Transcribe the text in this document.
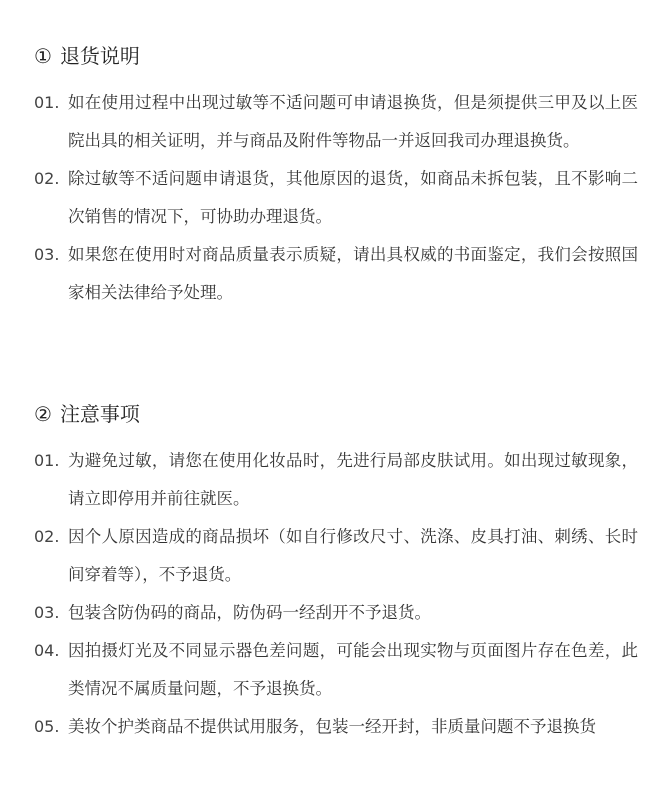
① 退货说明
01. 如在使用过程中出现过敏等不适问题可申请退换货，但是须提供三甲及以上医院出具的相关证明，并与商品及附件等物品一并返回我司办理退换货。
02. 除过敏等不适问题申请退货，其他原因的退货，如商品未拆包装，且不影响二次销售的情况下，可协助办理退货。
03. 如果您在使用时对商品质量表示质疑，请出具权威的书面鉴定，我们会按照国家相关法律给予处理。
② 注意事项
01. 为避免过敏，请您在使用化妆品时，先进行局部皮肤试用。如出现过敏现象，请立即停用并前往就医。
02. 因个人原因造成的商品损坏（如自行修改尺寸、洗涤、皮具打油、刺绣、长时间穿着等），不予退货。
03. 包装含防伪码的商品，防伪码一经刮开不予退货。
04. 因拍摄灯光及不同显示器色差问题，可能会出现实物与页面图片存在色差，此类情况不属质量问题，不予退换货。
05. 美妆个护类商品不提供试用服务，包装一经开封，非质量问题不予退换货
